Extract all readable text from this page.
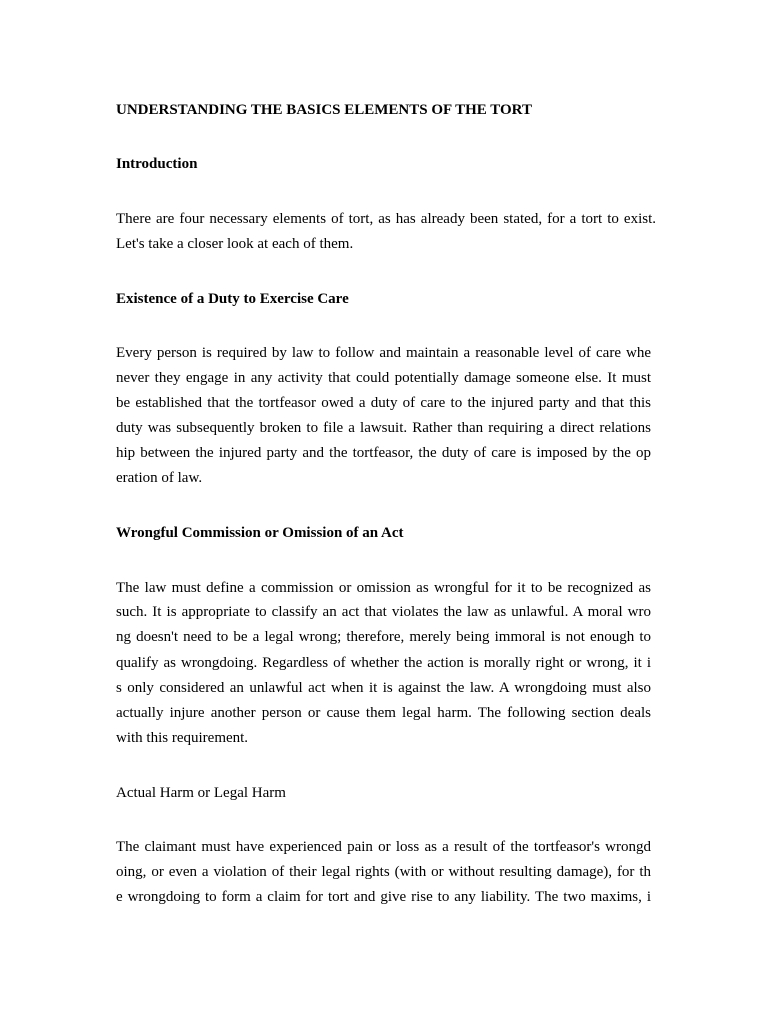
UNDERSTANDING THE BASICS ELEMENTS OF THE TORT

Introduction

There are four necessary elements of tort, as has already been stated, for a tort to exist.

Let's take a closer look at each of them.

Existence of a Duty to Exercise Care

Every person is required by law to follow and maintain a reasonable level of care whe

never they engage in any activity that could potentially damage someone else. It must

be established that the tortfeasor owed a duty of care to the injured party and that this

duty was subsequently broken to file a lawsuit. Rather than requiring a direct relations

hip between the injured party and the tortfeasor, the duty of care is imposed by the op

eration of law.

Wrongful Commission or Omission of an Act

The law must define a commission or omission as wrongful for it to be recognized as

such. It is appropriate to classify an act that violates the law as unlawful. A moral wro

ng doesn't need to be a legal wrong; therefore, merely being immoral is not enough to

qualify as wrongdoing. Regardless of whether the action is morally right or wrong, it i

s only considered an unlawful act when it is against the law. A wrongdoing must also

actually injure another person or cause them legal harm. The following section deals

with this requirement.

Actual Harm or Legal Harm

The claimant must have experienced pain or loss as a result of the tortfeasor's wrongd

oing, or even a violation of their legal rights (with or without resulting damage), for th

e wrongdoing to form a claim for tort and give rise to any liability. The two maxims, i
